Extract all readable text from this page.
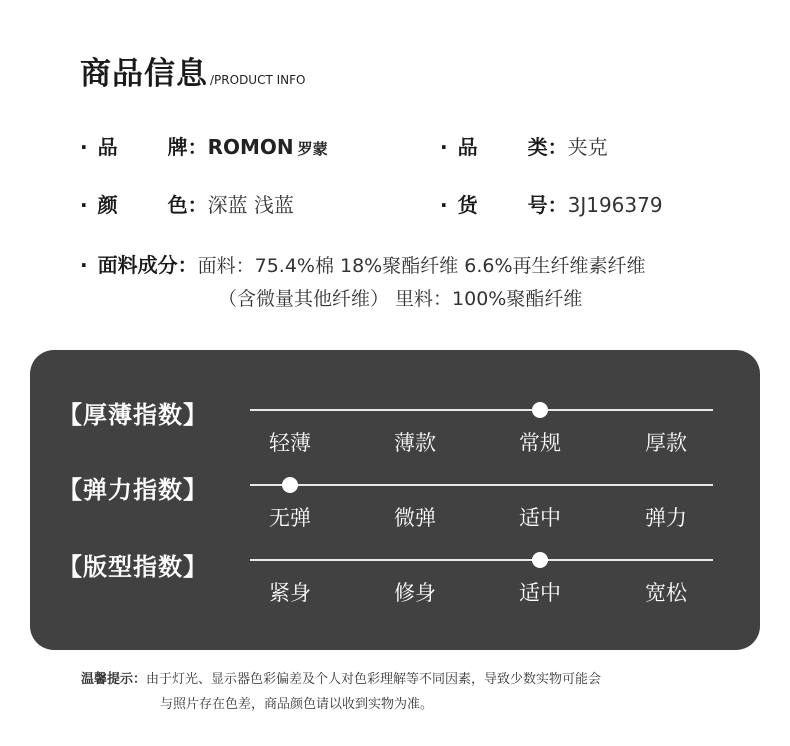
商品信息 /PRODUCT INFO
· 品	牌： ROMON 罗蒙	· 品	类： 夹克
· 颜	色： 深蓝 浅蓝	· 货	号： 3J196379
· 面料成分： 面料：75.4%棉 18%聚酯纤维 6.6%再生纤维素纤维
（含微量其他纤维） 里料：100%聚酯纤维
【厚薄指数】
轻薄	薄款	常规	厚款
【弹力指数】
无弹	微弹	适中	弹力
【版型指数】
紧身	修身	适中	宽松
温馨提示：由于灯光、显示器色彩偏差及个人对色彩理解等不同因素，导致少数实物可能会
与照片存在色差，商品颜色请以收到实物为准。
